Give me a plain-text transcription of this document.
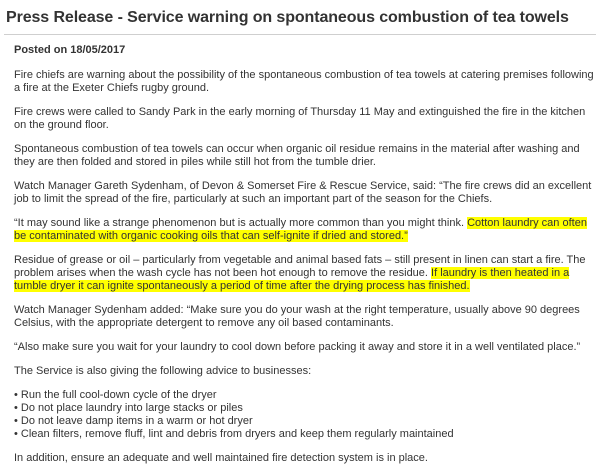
Press Release - Service warning on spontaneous combustion of tea towels
Posted on 18/05/2017

Fire chiefs are warning about the possibility of the spontaneous combustion of tea towels at catering premises following a fire at the Exeter Chiefs rugby ground.

Fire crews were called to Sandy Park in the early morning of Thursday 11 May and extinguished the fire in the kitchen on the ground floor.

Spontaneous combustion of tea towels can occur when organic oil residue remains in the material after washing and they are then folded and stored in piles while still hot from the tumble drier.

Watch Manager Gareth Sydenham, of Devon & Somerset Fire & Rescue Service, said: “The fire crews did an excellent job to limit the spread of the fire, particularly at such an important part of the season for the Chiefs.

“It may sound like a strange phenomenon but is actually more common than you might think. Cotton laundry can often be contaminated with organic cooking oils that can self-ignite if dried and stored.”

Residue of grease or oil – particularly from vegetable and animal based fats – still present in linen can start a fire. The problem arises when the wash cycle has not been hot enough to remove the residue. If laundry is then heated in a tumble dryer it can ignite spontaneously a period of time after the drying process has finished.

Watch Manager Sydenham added: “Make sure you do your wash at the right temperature, usually above 90 degrees Celsius, with the appropriate detergent to remove any oil based contaminants.

“Also make sure you wait for your laundry to cool down before packing it away and store it in a well ventilated place.”

The Service is also giving the following advice to businesses:

• Run the full cool-down cycle of the dryer
• Do not place laundry into large stacks or piles
• Do not leave damp items in a warm or hot dryer
• Clean filters, remove fluff, lint and debris from dryers and keep them regularly maintained

In addition, ensure an adequate and well maintained fire detection system is in place.
